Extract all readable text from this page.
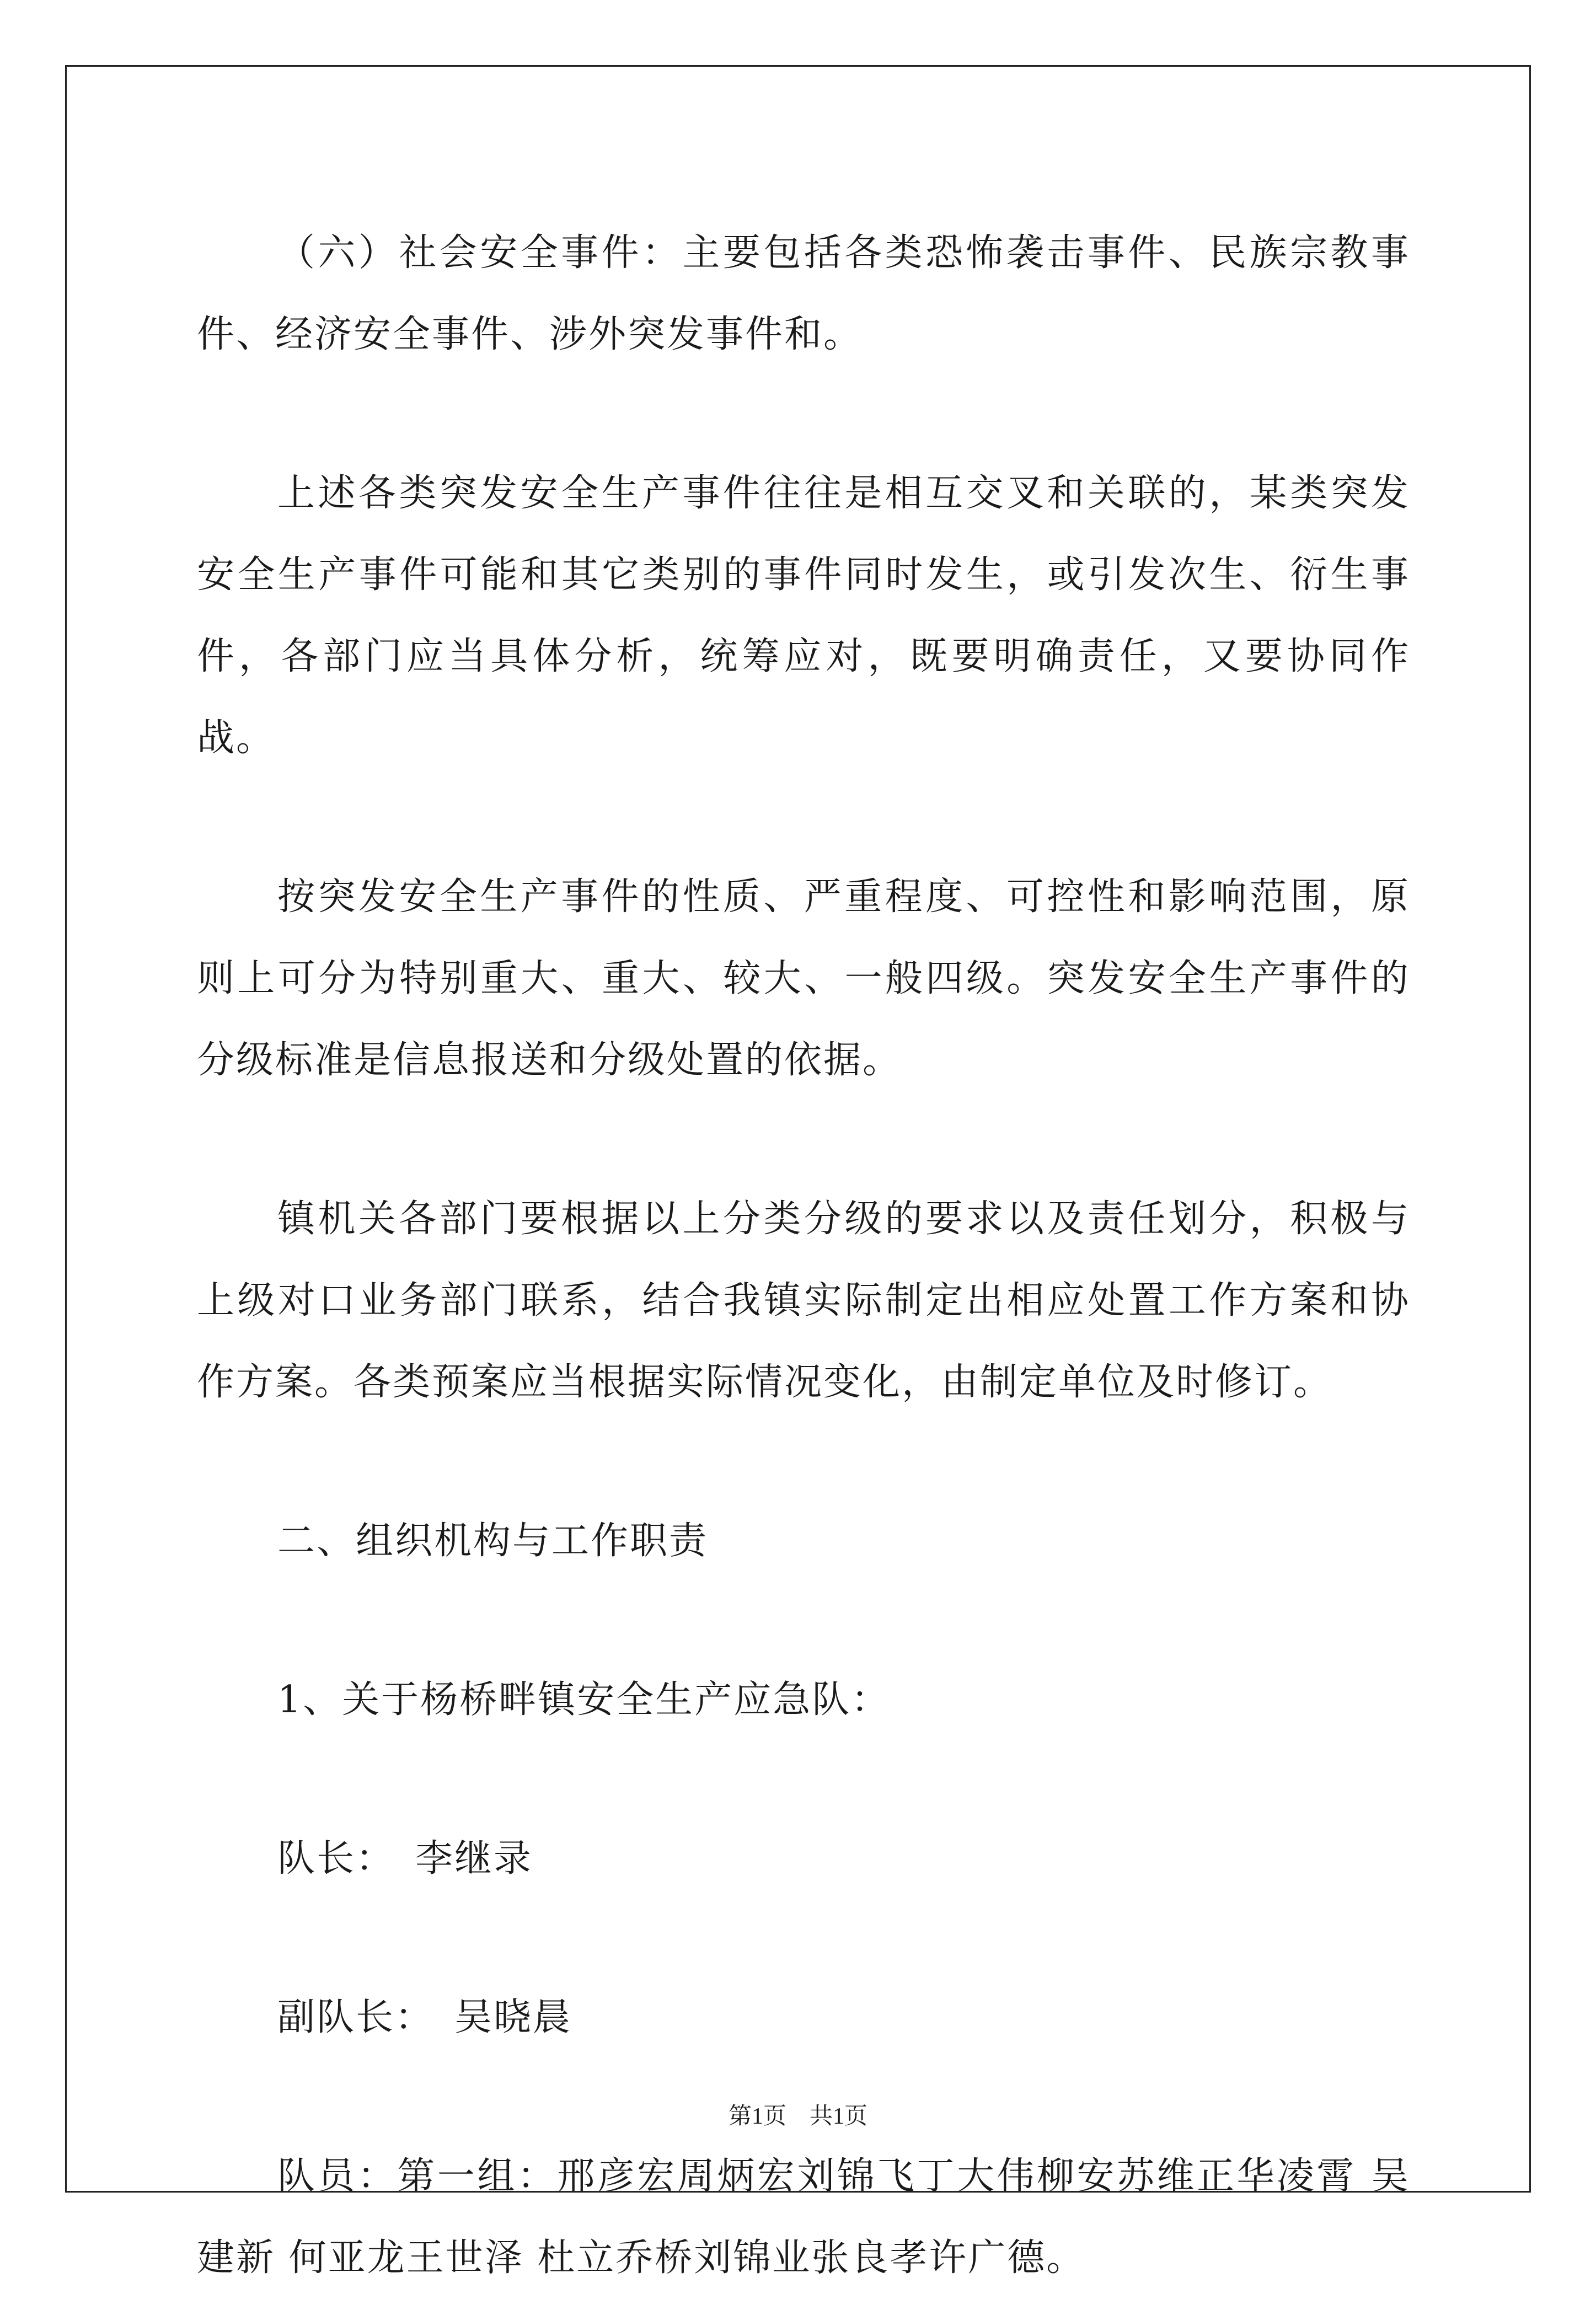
（六）社会安全事件：主要包括各类恐怖袭击事件、民族宗教事件、经济安全事件、涉外突发事件和。

上述各类突发安全生产事件往往是相互交叉和关联的，某类突发安全生产事件可能和其它类别的事件同时发生，或引发次生、衍生事件，各部门应当具体分析，统筹应对，既要明确责任，又要协同作战。

按突发安全生产事件的性质、严重程度、可控性和影响范围，原则上可分为特别重大、重大、较大、一般四级。突发安全生产事件的分级标准是信息报送和分级处置的依据。

镇机关各部门要根据以上分类分级的要求以及责任划分，积极与上级对口业务部门联系，结合我镇实际制定出相应处置工作方案和协作方案。各类预案应当根据实际情况变化，由制定单位及时修订。

二、组织机构与工作职责

1、关于杨桥畔镇安全生产应急队：

队长：　李继录

副队长：　吴晓晨

队员：第一组：邢彦宏周炳宏刘锦飞丁大伟柳安苏维正华凌霄 吴建新 何亚龙王世泽 杜立乔桥刘锦业张良孝许广德。

第1页　共1页
